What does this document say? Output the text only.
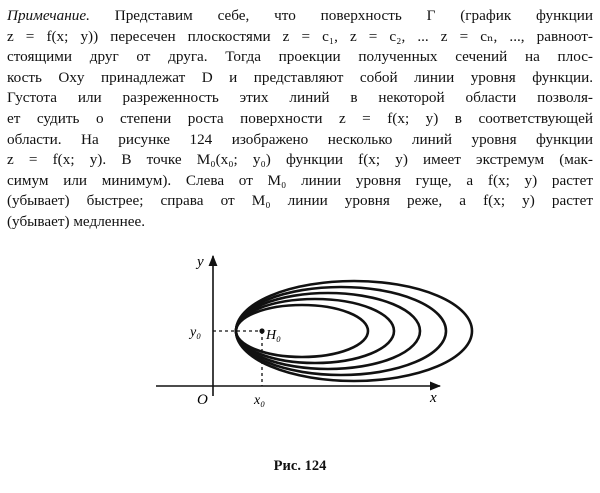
Примечание. Представим себе, что поверхность Γ (график функции
z = f(x; y)) пересечен плоскостями z = c₁, z = c₂, ... z = cₙ, ..., равноот-
стоящими друг от друга. Тогда проекции полученных сечений на плос-
кость Oxy принадлежат D и представляют собой линии уровня функции.
Густота или разреженность этих линий в некоторой области позволя-
ет судить о степени роста поверхности z = f(x; y) в соответствующей
области. На рисунке 124 изображено несколько линий уровня функции
z = f(x; y). В точке M₀(x₀; y₀) функции f(x; y) имеет экстремум (мак-
симум или минимум). Слева от M₀ линии уровня гуще, а f(x; y) растет
(убывает) быстрее; справа от M₀ линии уровня реже, а f(x; y) растет
(убывает) медленнее.
y
x
O
y₀
x₀
H₀
Рис. 124
